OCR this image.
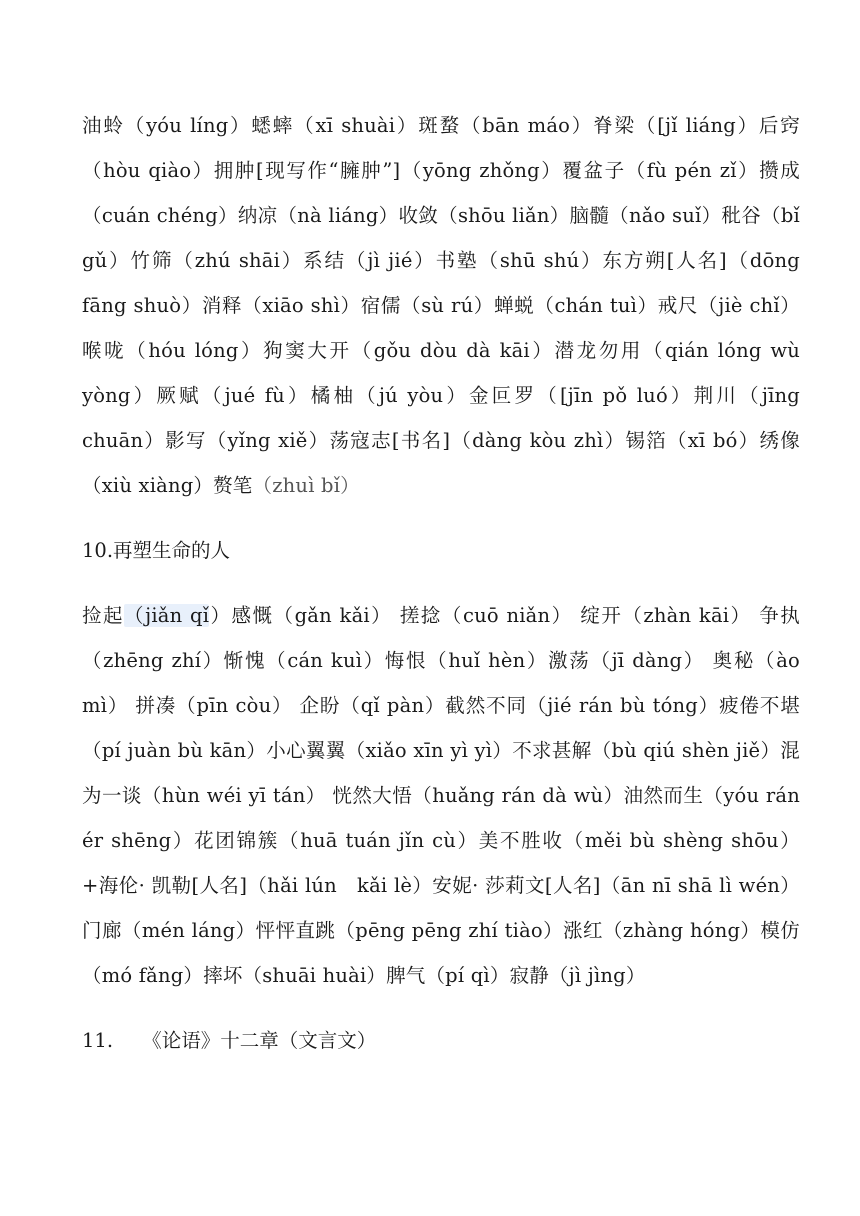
油蛉（yóu líng）蟋蟀（xī shuài）斑蝥（bān máo）脊梁（[jǐ liáng）后窍（hòu qiào）拥肿[现写作“臃肿”]（yōng zhǒng）覆盆子（fù pén zǐ）攒成（cuán chéng）纳凉（nà liáng）收敛（shōu liǎn）脑髓（nǎo suǐ）秕谷（bǐ gǔ）竹筛（zhú shāi）系结（jì jié）书塾（shū shú）东方朔[人名]（dōng fāng shuò）消释（xiāo shì）宿儒（sù rú）蝉蜕（chán tuì）戒尺（jiè chǐ）喉咙（hóu lóng）狗窦大开（gǒu dòu dà kāi）潜龙勿用（qián lóng wù yòng）厥赋（jué fù）橘柚（jú yòu）金叵罗（[jīn pǒ luó）荆川（jīng　chuān）影写（yǐng xiě）荡寇志[书名]（dàng kòu zhì）锡箔（xī bó）绣像（xiù xiàng）赘笔（zhuì bǐ）

10.再塑生命的人

捡起（jiǎn qǐ）感慨（gǎn kǎi） 搓捻（cuō niǎn） 绽开（zhàn kāi） 争执（zhēng zhí）惭愧（cán kuì）悔恨（huǐ hèn）激荡（jī dàng） 奥秘（ào mì） 拼凑（pīn còu） 企盼（qǐ pàn）截然不同（jié rán bù tóng）疲倦不堪（pí juàn bù kān）小心翼翼（xiǎo xīn yì yì）不求甚解（bù qiú shèn jiě）混为一谈（hùn wéi yī tán） 恍然大悟（huǎng rán dà wù）油然而生（yóu rán ér shēng）花团锦簇（huā tuán jǐn cù）美不胜收（měi bù shèng shōu）+海伦· 凯勒[人名]（hǎi lún　kǎi lè）安妮· 莎莉文[人名]（ān nī shā lì wén）门廊（mén láng）怦怦直跳（pēng pēng zhí tiào）涨红（zhàng hóng）模仿（mó fǎng）摔坏（shuāi huài）脾气（pí qì）寂静（jì jìng）

11.　　《论语》十二章（文言文）
